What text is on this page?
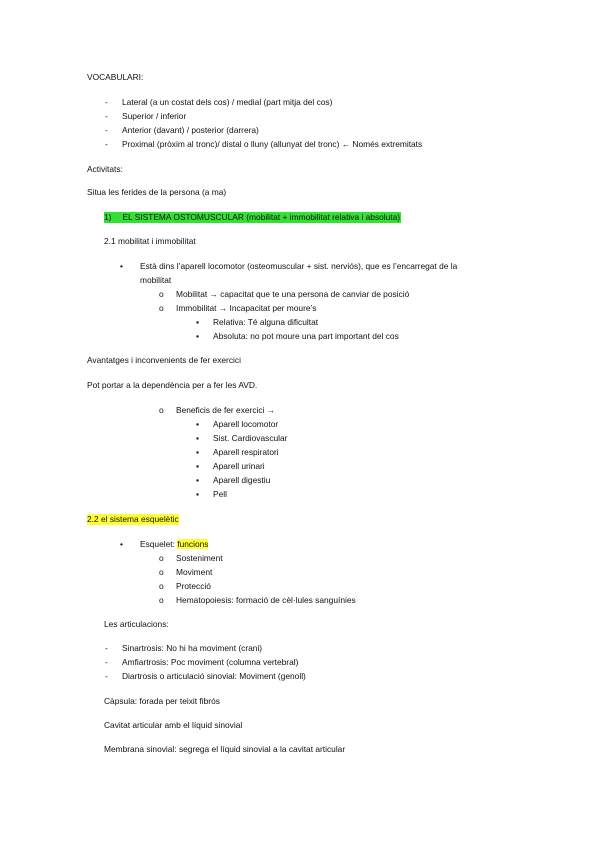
VOCABULARI:
- Lateral (a un costat dels cos) / medial (part mitja del cos)
- Superior / inferior
- Anterior (davant) / posterior (darrera)
- Proximal (pròxim al tronc)/ distal o lluny (allunyat del tronc) ← Només extremitats
Activitats:
Situa les ferides de la persona (a ma)
1) EL SISTEMA OSTOMUSCULAR (mobilitat + immobilitat relativa i absoluta)
2.1 mobilitat i immobilitat
• Està dins l’aparell locomotor (osteomuscular + sist. nerviós), que es l’encarregat de la
mobilitat
o Mobilitat → capacitat que te una persona de canviar de posició
o Immobilitat → Incapacitat per moure’s
▪ Relativa: Té alguna dificultat
▪ Absoluta: no pot moure una part important del cos
Avantatges i inconvenients de fer exercici
Pot portar a la dependència per a fer les AVD.
o Beneficis de fer exercici →
▪ Aparell locomotor
▪ Sist. Cardiovascular
▪ Aparell respiratori
▪ Aparell urinari
▪ Aparell digestiu
▪ Pell
2.2 el sistema esquelètic
• Esquelet: funcions
o Sosteniment
o Moviment
o Protecció
o Hematopoiesis: formació de cèl·lules sanguínies
Les articulacions:
- Sinartrosis: No hi ha moviment (crani)
- Amfiartrosis: Poc moviment (columna vertebral)
- Diartrosis o articulació sinovial: Moviment (genoll)
Càpsula: forada per teixit fibrós
Cavitat articular amb el líquid sinovial
Membrana sinovial: segrega el líquid sinovial a la cavitat articular
